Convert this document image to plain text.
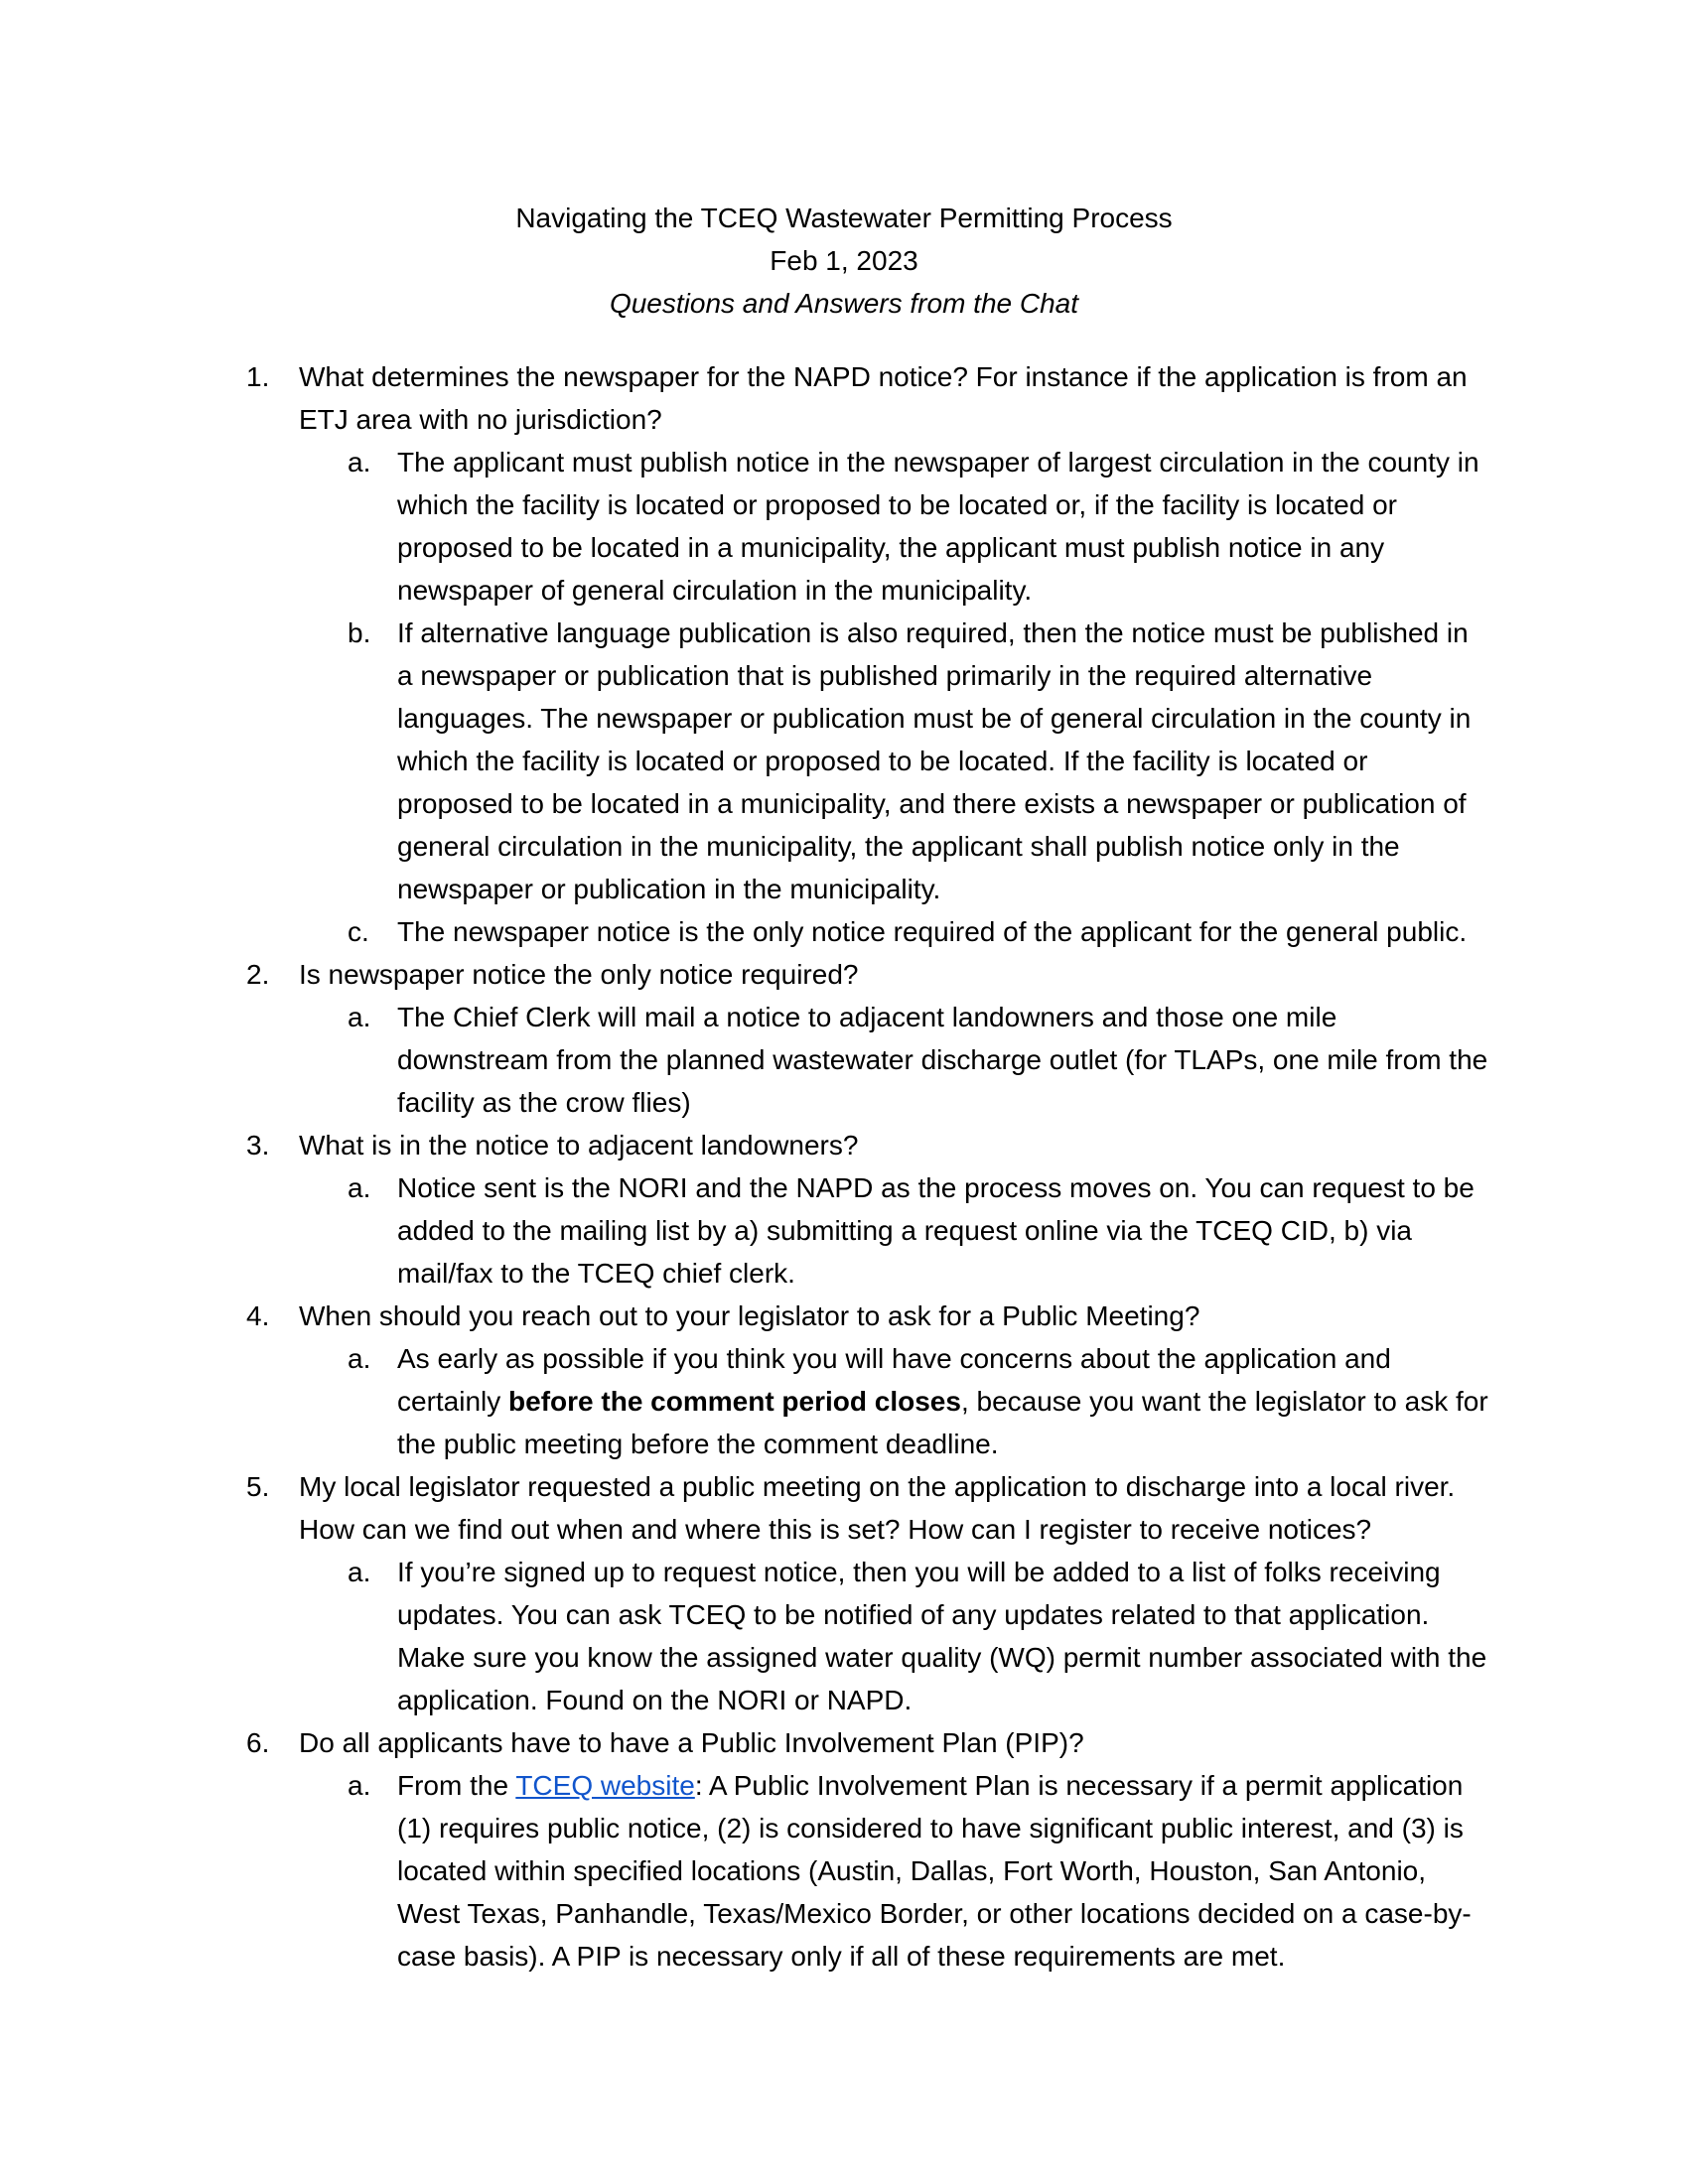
Navigating the TCEQ Wastewater Permitting Process
Feb 1, 2023
Questions and Answers from the Chat
1. What determines the newspaper for the NAPD notice? For instance if the application is from an ETJ area with no jurisdiction?
a. The applicant must publish notice in the newspaper of largest circulation in the county in which the facility is located or proposed to be located or, if the facility is located or proposed to be located in a municipality, the applicant must publish notice in any newspaper of general circulation in the municipality.
b. If alternative language publication is also required, then the notice must be published in a newspaper or publication that is published primarily in the required alternative languages. The newspaper or publication must be of general circulation in the county in which the facility is located or proposed to be located. If the facility is located or proposed to be located in a municipality, and there exists a newspaper or publication of general circulation in the municipality, the applicant shall publish notice only in the newspaper or publication in the municipality.
c. The newspaper notice is the only notice required of the applicant for the general public.
2. Is newspaper notice the only notice required?
a. The Chief Clerk will mail a notice to adjacent landowners and those one mile downstream from the planned wastewater discharge outlet (for TLAPs, one mile from the facility as the crow flies)
3. What is in the notice to adjacent landowners?
a. Notice sent is the NORI and the NAPD as the process moves on. You can request to be added to the mailing list by a) submitting a request online via the TCEQ CID, b) via mail/fax to the TCEQ chief clerk.
4. When should you reach out to your legislator to ask for a Public Meeting?
a. As early as possible if you think you will have concerns about the application and certainly before the comment period closes, because you want the legislator to ask for the public meeting before the comment deadline.
5. My local legislator requested a public meeting on the application to discharge into a local river. How can we find out when and where this is set? How can I register to receive notices?
a. If you’re signed up to request notice, then you will be added to a list of folks receiving updates. You can ask TCEQ to be notified of any updates related to that application. Make sure you know the assigned water quality (WQ) permit number associated with the application. Found on the NORI or NAPD.
6. Do all applicants have to have a Public Involvement Plan (PIP)?
a. From the TCEQ website: A Public Involvement Plan is necessary if a permit application (1) requires public notice, (2) is considered to have significant public interest, and (3) is located within specified locations (Austin, Dallas, Fort Worth, Houston, San Antonio, West Texas, Panhandle, Texas/Mexico Border, or other locations decided on a case-by-case basis). A PIP is necessary only if all of these requirements are met.
